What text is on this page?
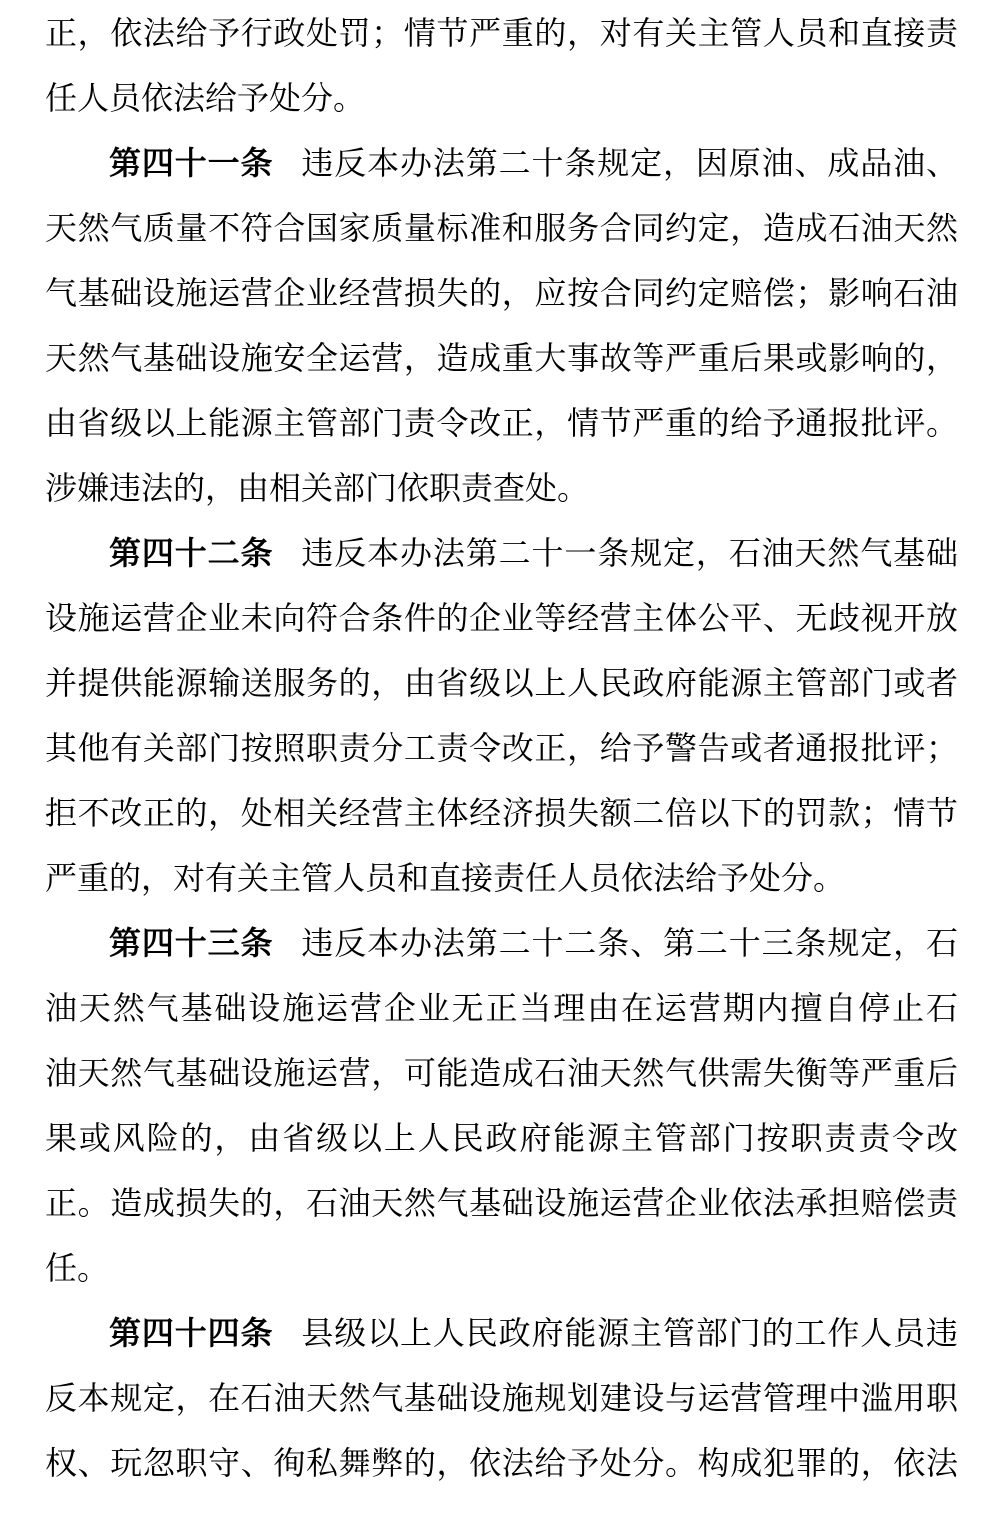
正，依法给予行政处罚；情节严重的，对有关主管人员和直接责
任人员依法给予处分。
第四十一条 违反本办法第二十条规定，因原油、成品油、
天然气质量不符合国家质量标准和服务合同约定，造成石油天然
气基础设施运营企业经营损失的，应按合同约定赔偿；影响石油
天然气基础设施安全运营，造成重大事故等严重后果或影响的，
由省级以上能源主管部门责令改正，情节严重的给予通报批评。
涉嫌违法的，由相关部门依职责查处。
第四十二条 违反本办法第二十一条规定，石油天然气基础
设施运营企业未向符合条件的企业等经营主体公平、无歧视开放
并提供能源输送服务的，由省级以上人民政府能源主管部门或者
其他有关部门按照职责分工责令改正，给予警告或者通报批评；
拒不改正的，处相关经营主体经济损失额二倍以下的罚款；情节
严重的，对有关主管人员和直接责任人员依法给予处分。
第四十三条 违反本办法第二十二条、第二十三条规定，石
油天然气基础设施运营企业无正当理由在运营期内擅自停止石
油天然气基础设施运营，可能造成石油天然气供需失衡等严重后
果或风险的，由省级以上人民政府能源主管部门按职责责令改
正。造成损失的，石油天然气基础设施运营企业依法承担赔偿责
任。
第四十四条 县级以上人民政府能源主管部门的工作人员违
反本规定，在石油天然气基础设施规划建设与运营管理中滥用职
权、玩忽职守、徇私舞弊的，依法给予处分。构成犯罪的，依法
